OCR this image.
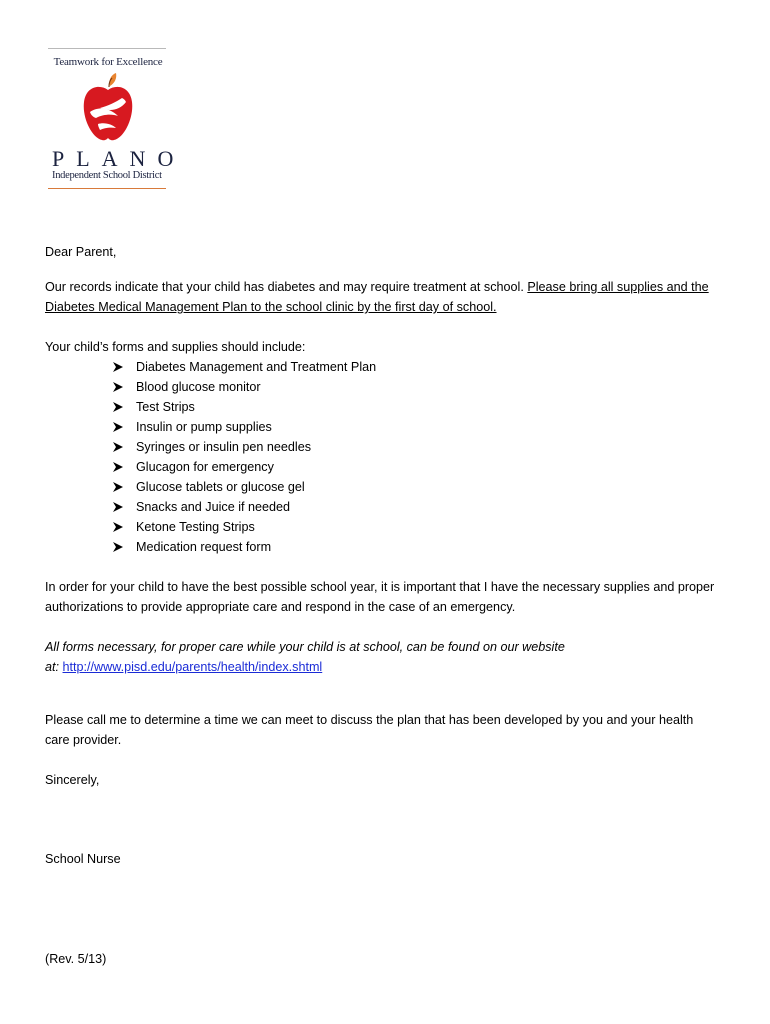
Teamwork for Excellence
PLANO
Independent School District
Dear Parent,
Our records indicate that your child has diabetes and may require treatment at school. Please bring all supplies and the
Diabetes Medical Management Plan to the school clinic by the first day of school.
Your child’s forms and supplies should include:
Diabetes Management and Treatment Plan
Blood glucose monitor
Test Strips
Insulin or pump supplies
Syringes or insulin pen needles
Glucagon for emergency
Glucose tablets or glucose gel
Snacks and Juice if needed
Ketone Testing Strips
Medication request form
In order for your child to have the best possible school year, it is important that I have the necessary supplies and proper
authorizations to provide appropriate care and respond in the case of an emergency.
All forms necessary, for proper care while your child is at school, can be found on our website
at: http://www.pisd.edu/parents/health/index.shtml
Please call me to determine a time we can meet to discuss the plan that has been developed by you and your health
care provider.
Sincerely,
School Nurse
(Rev. 5/13)
